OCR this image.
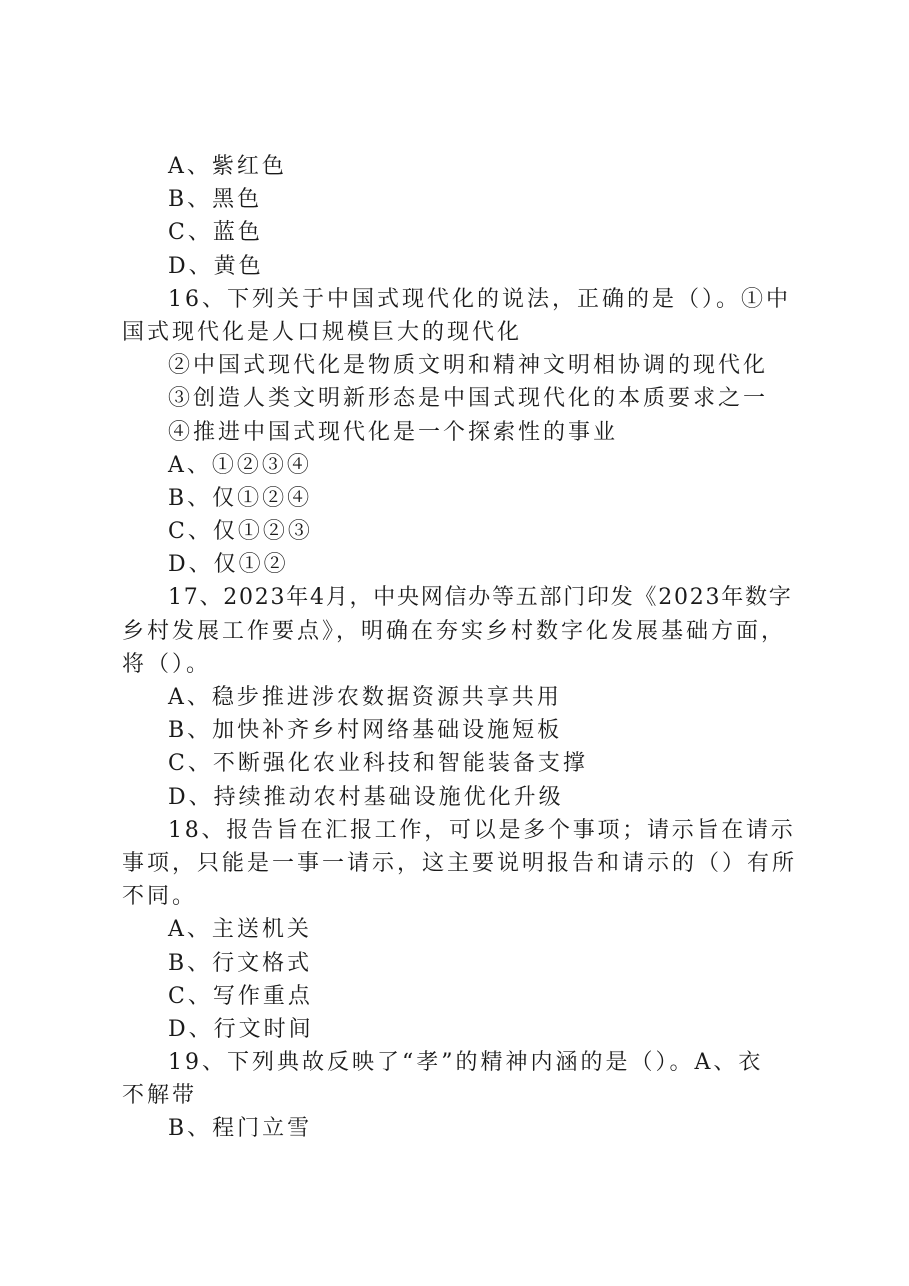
A、紫红色
B、黑色
C、蓝色
D、黄色
16、下列关于中国式现代化的说法，正确的是（）。①中
国式现代化是人口规模巨大的现代化
②中国式现代化是物质文明和精神文明相协调的现代化
③创造人类文明新形态是中国式现代化的本质要求之一
④推进中国式现代化是一个探索性的事业
A、①②③④
B、仅①②④
C、仅①②③
D、仅①②
17、2023年4月，中央网信办等五部门印发《2023年数字
乡村发展工作要点》，明确在夯实乡村数字化发展基础方面，
将（）。
A、稳步推进涉农数据资源共享共用
B、加快补齐乡村网络基础设施短板
C、不断强化农业科技和智能装备支撑
D、持续推动农村基础设施优化升级
18、报告旨在汇报工作，可以是多个事项；请示旨在请示
事项，只能是一事一请示，这主要说明报告和请示的（）有所
不同。
A、主送机关
B、行文格式
C、写作重点
D、行文时间
19、下列典故反映了“孝”的精神内涵的是（）。A、衣
不解带
B、程门立雪
